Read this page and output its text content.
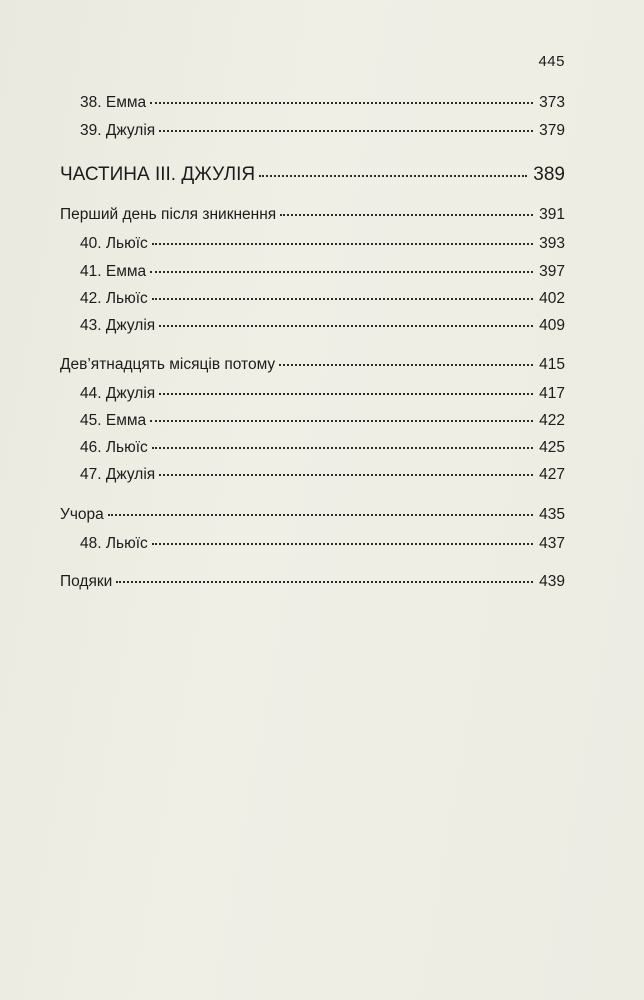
445
38. Емма	373
39. Джулія	379
ЧАСТИНА III. ДЖУЛІЯ	389
Перший день після зникнення	391
40. Льюїс	393
41. Емма	397
42. Льюїс	402
43. Джулія	409
Дев’ятнадцять місяців потому	415
44. Джулія	417
45. Емма	422
46. Льюїс	425
47. Джулія	427
Учора	435
48. Льюїс	437
Подяки	439
